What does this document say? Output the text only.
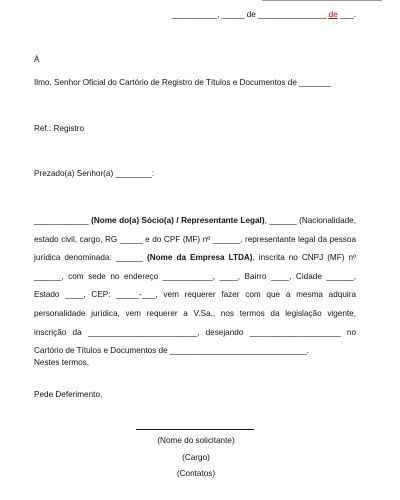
__________, _____ de _______________ de ___.
À
Ilmo. Senhor Oficial do Cartório de Registro de Títulos e Documentos de _______
Ref.: Registro
Prezado(a) Senhor(a) ________:
____________ (Nome do(a) Sócio(a) / Representante Legal), ______ (Nacionalidade, estado civil, cargo, RG _____ e do CPF (MF) nº ______, representante legal da pessoa jurídica denominada: ______ (Nome da Empresa LTDA), inscrita no CNPJ (MF) nº ______, com sede no endereço ___________, ____, Bairro ____, Cidade ______, Estado ____, CEP: _____-___, vem requerer fazer com que a mesma adquira personalidade jurídica, vem requerer a V.Sa., nos termos da legislação vigente, inscrição da ________________________, desejando ____________________ no Cartório de Títulos e Documentos de ______________________________.
Nestes termos,
Pede Deferimento,
(Nome do solicitante)
(Cargo)
(Contatos)
